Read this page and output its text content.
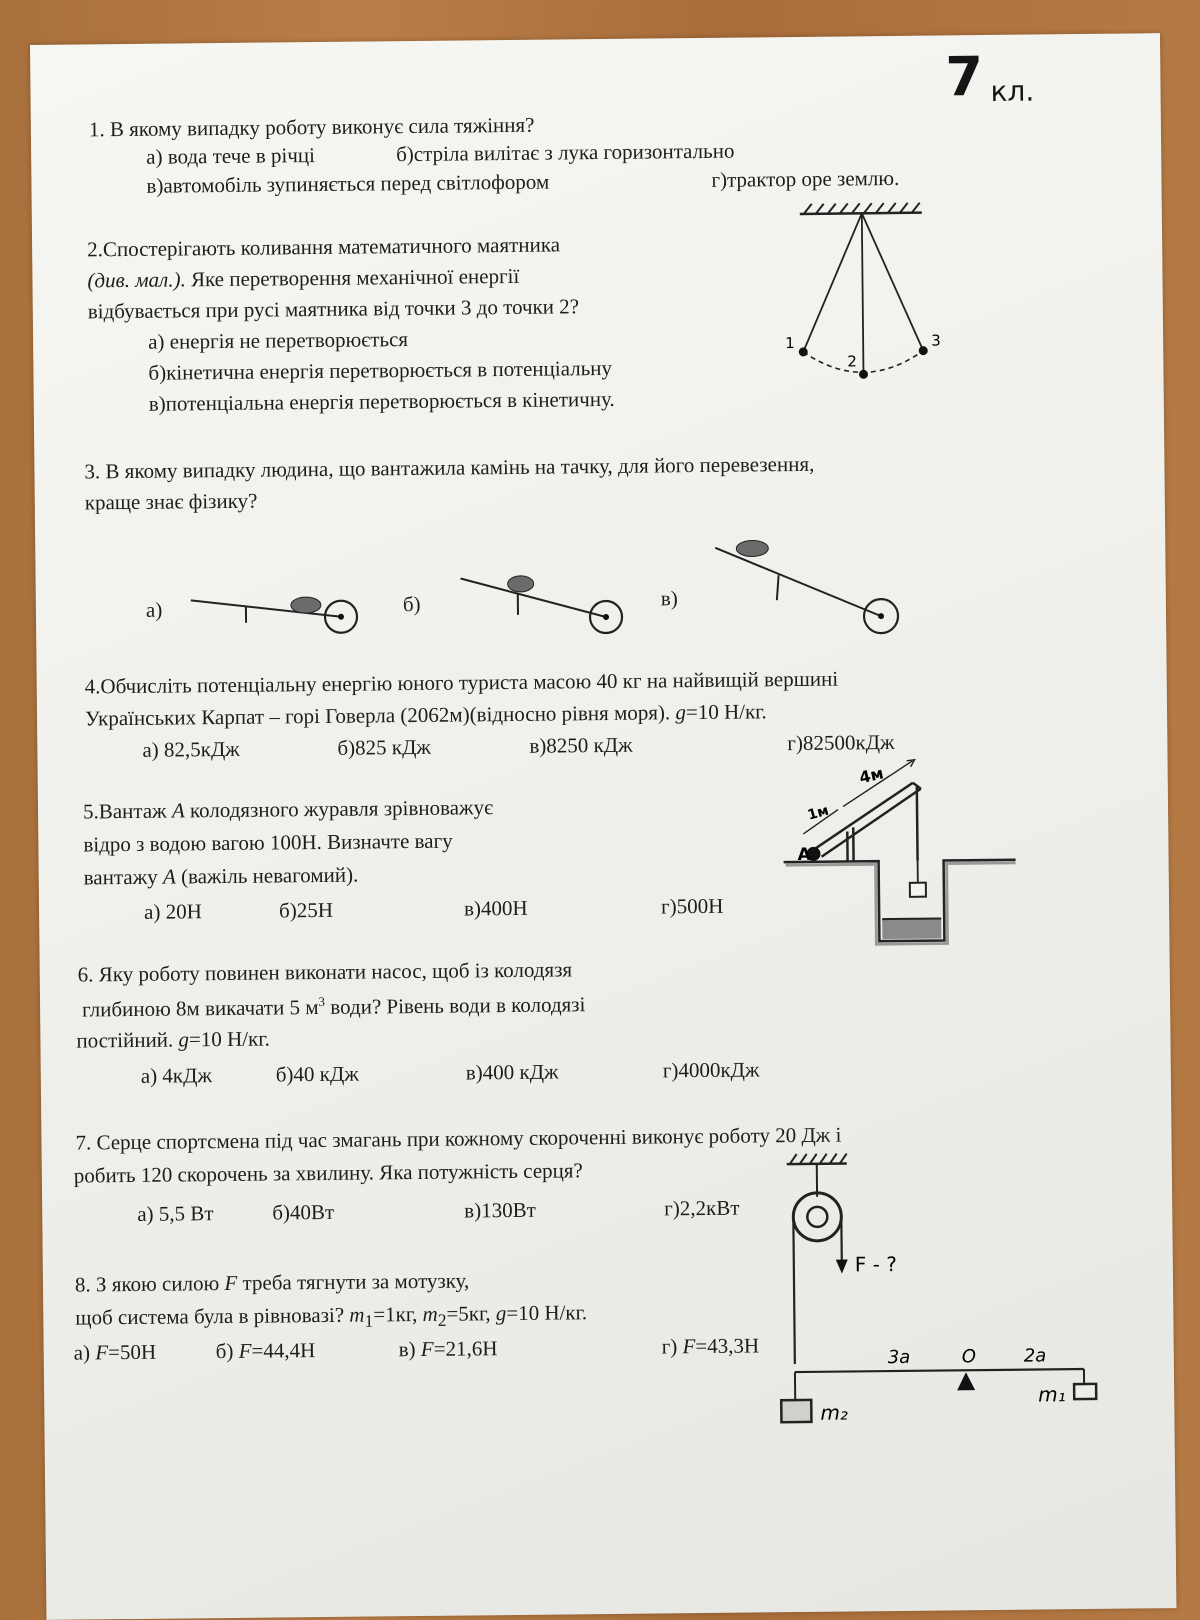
7 кл.
1. В якому випадку роботу виконує сила тяжіння?
а) вода тече в річці	б)стріла вилітає з лука горизонтально
в)автомобіль зупиняється перед світлофором	г)трактор оре землю.
2.Спостерігають коливання математичного маятника
(див. мал.). Яке перетворення механічної енергії
відбувається при русі маятника від точки 3 до точки 2?
а) енергія не перетворюється
б)кінетична енергія перетворюється в потенціальну
в)потенціальна енергія перетворюється в кінетичну.
1
2
3
3. В якому випадку людина, що вантажила камінь на тачку, для його перевезення,
краще знає фізику?
а)	б)	в)
4.Обчисліть потенціальну енергію юного туриста масою 40 кг на найвищій вершині
Українських Карпат – горі Говерла (2062м)(відносно рівня моря). g=10 Н/кг.
а) 82,5кДж	б)825 кДж	в)8250 кДж	г)82500кДж
5.Вантаж А колодязного журавля зрівноважує
відро з водою вагою 100Н. Визначте вагу
вантажу А (важіль невагомий).
а) 20Н	б)25Н	в)400Н	г)500Н
4м
1м
А
6. Яку роботу повинен виконати насос, щоб із колодязя
глибиною 8м викачати 5 $м^3$ води? Рівень води в колодязі
постійний. g=10 Н/кг.
а) 4кДж	б)40 кДж	в)400 кДж	г)4000кДж
7. Серце спортсмена під час змагань при кожному скороченні виконує роботу 20 Дж і
робить 120 скорочень за хвилину. Яка потужність серця?
а) 5,5 Вт	б)40Вт	в)130Вт	г)2,2кВт
8. З якою силою F треба тягнути за мотузку,
щоб система була в рівновазі? $m_1=1кг$, $m_2=5кг$, g=10 Н/кг.
а) F=50Н	б) F=44,4Н	в) F=21,6Н	г) F=43,3Н
F - ?
3a	O	2a
m₂
m₁
